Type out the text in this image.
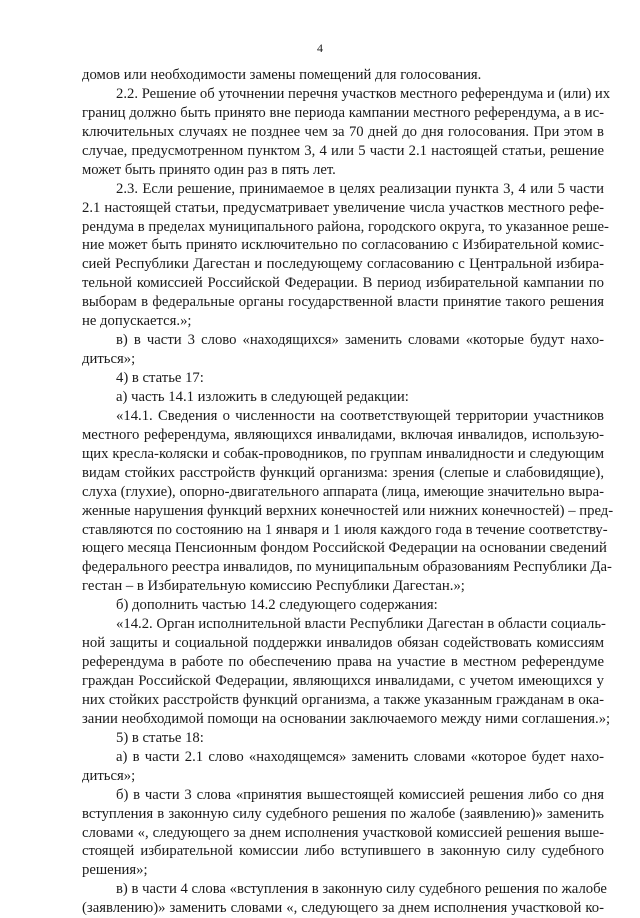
4
домов или необходимости замены помещений для голосования.
2.2. Решение об уточнении перечня участков местного референдума и (или) их
границ должно быть принято вне периода кампании местного референдума, а в ис-
ключительных случаях не позднее чем за 70 дней до дня голосования. При этом в
случае, предусмотренном пунктом 3, 4 или 5 части 2.1 настоящей статьи, решение
может быть принято один раз в пять лет.
2.3. Если решение, принимаемое в целях реализации пункта 3, 4 или 5 части
2.1 настоящей статьи, предусматривает увеличение числа участков местного рефе-
рендума в пределах муниципального района, городского округа, то указанное реше-
ние может быть принято исключительно по согласованию с Избирательной комис-
сией Республики Дагестан и последующему согласованию с Центральной избира-
тельной комиссией Российской Федерации. В период избирательной кампании по
выборам в федеральные органы государственной власти принятие такого решения
не допускается.»;
в) в части 3 слово «находящихся» заменить словами «которые будут нахо-
диться»;
4) в статье 17:
а) часть 14.1 изложить в следующей редакции:
«14.1. Сведения о численности на соответствующей территории участников
местного референдума, являющихся инвалидами, включая инвалидов, использую-
щих кресла-коляски и собак-проводников, по группам инвалидности и следующим
видам стойких расстройств функций организма: зрения (слепые и слабовидящие),
слуха (глухие), опорно-двигательного аппарата (лица, имеющие значительно выра-
женные нарушения функций верхних конечностей или нижних конечностей) – пред-
ставляются по состоянию на 1 января и 1 июля каждого года в течение соответству-
ющего месяца Пенсионным фондом Российской Федерации на основании сведений
федерального реестра инвалидов, по муниципальным образованиям Республики Да-
гестан – в Избирательную комиссию Республики Дагестан.»;
б) дополнить частью 14.2 следующего содержания:
«14.2. Орган исполнительной власти Республики Дагестан в области социаль-
ной защиты и социальной поддержки инвалидов обязан содействовать комиссиям
референдума в работе по обеспечению права на участие в местном референдуме
граждан Российской Федерации, являющихся инвалидами, с учетом имеющихся у
них стойких расстройств функций организма, а также указанным гражданам в ока-
зании необходимой помощи на основании заключаемого между ними соглашения.»;
5) в статье 18:
а) в части 2.1 слово «находящемся» заменить словами «которое будет нахо-
диться»;
б) в части 3 слова «принятия вышестоящей комиссией решения либо со дня
вступления в законную силу судебного решения по жалобе (заявлению)» заменить
словами «, следующего за днем исполнения участковой комиссией решения выше-
стоящей избирательной комиссии либо вступившего в законную силу судебного
решения»;
в) в части 4 слова «вступления в законную силу судебного решения по жалобе
(заявлению)» заменить словами «, следующего за днем исполнения участковой ко-
